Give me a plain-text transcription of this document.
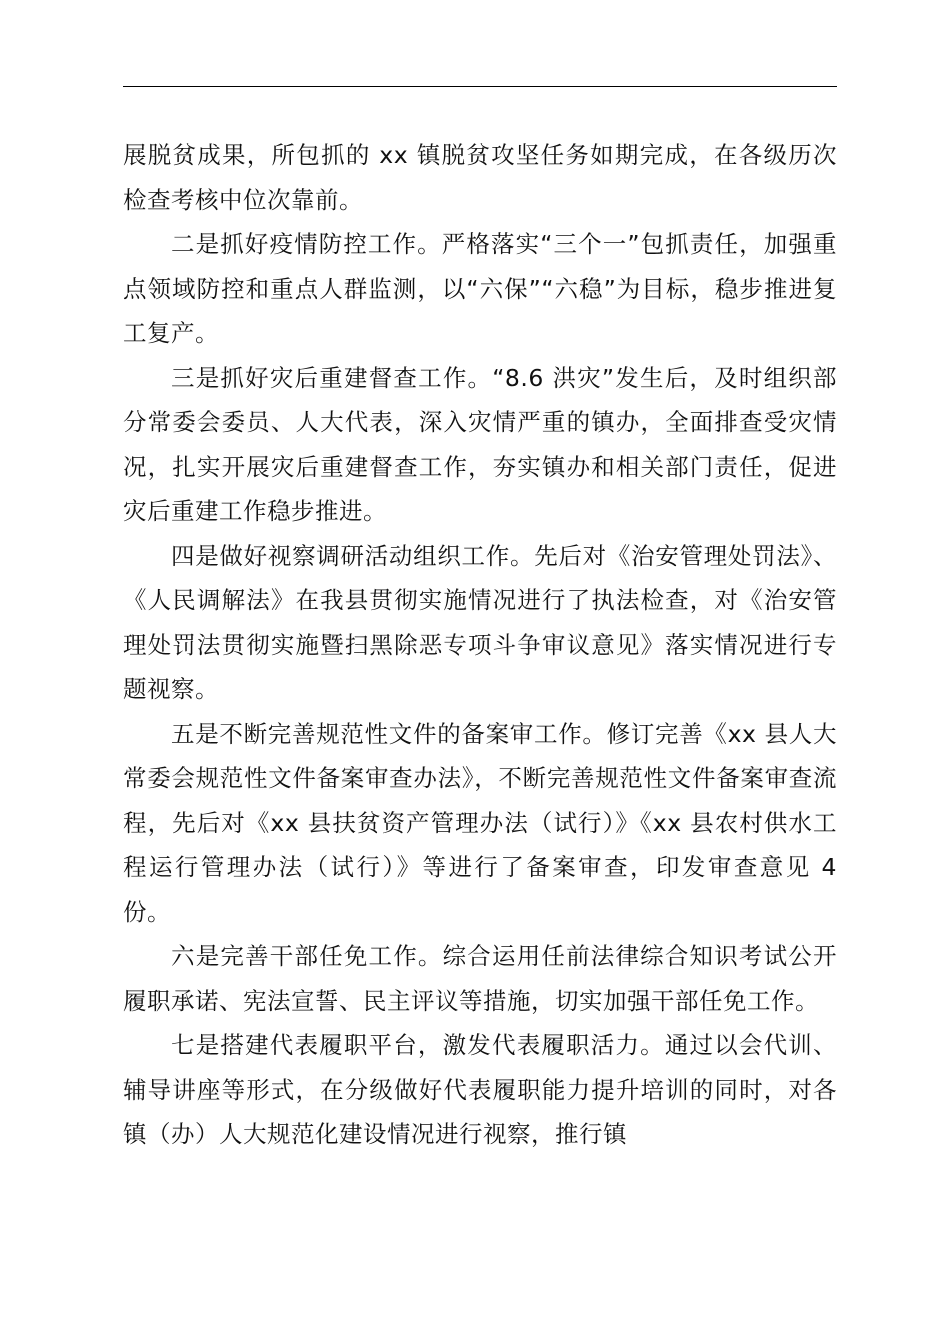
展脱贫成果，所包抓的 xx 镇脱贫攻坚任务如期完成，在各级历次检查考核中位次靠前。

二是抓好疫情防控工作。严格落实“三个一”包抓责任，加强重点领域防控和重点人群监测，以“六保”“六稳”为目标，稳步推进复工复产。

三是抓好灾后重建督查工作。“8.6 洪灾”发生后，及时组织部分常委会委员、人大代表，深入灾情严重的镇办，全面排查受灾情况，扎实开展灾后重建督查工作，夯实镇办和相关部门责任，促进灾后重建工作稳步推进。

四是做好视察调研活动组织工作。先后对《治安管理处罚法》、《人民调解法》在我县贯彻实施情况进行了执法检查，对《治安管理处罚法贯彻实施暨扫黑除恶专项斗争审议意见》落实情况进行专题视察。

五是不断完善规范性文件的备案审工作。修订完善《xx 县人大常委会规范性文件备案审查办法》，不断完善规范性文件备案审查流程，先后对《xx 县扶贫资产管理办法（试行）》《xx 县农村供水工程运行管理办法（试行）》等进行了备案审查，印发审查意见 4 份。

六是完善干部任免工作。综合运用任前法律综合知识考试公开履职承诺、宪法宣誓、民主评议等措施，切实加强干部任免工作。

七是搭建代表履职平台，激发代表履职活力。通过以会代训、辅导讲座等形式，在分级做好代表履职能力提升培训的同时，对各镇（办）人大规范化建设情况进行视察，推行镇
